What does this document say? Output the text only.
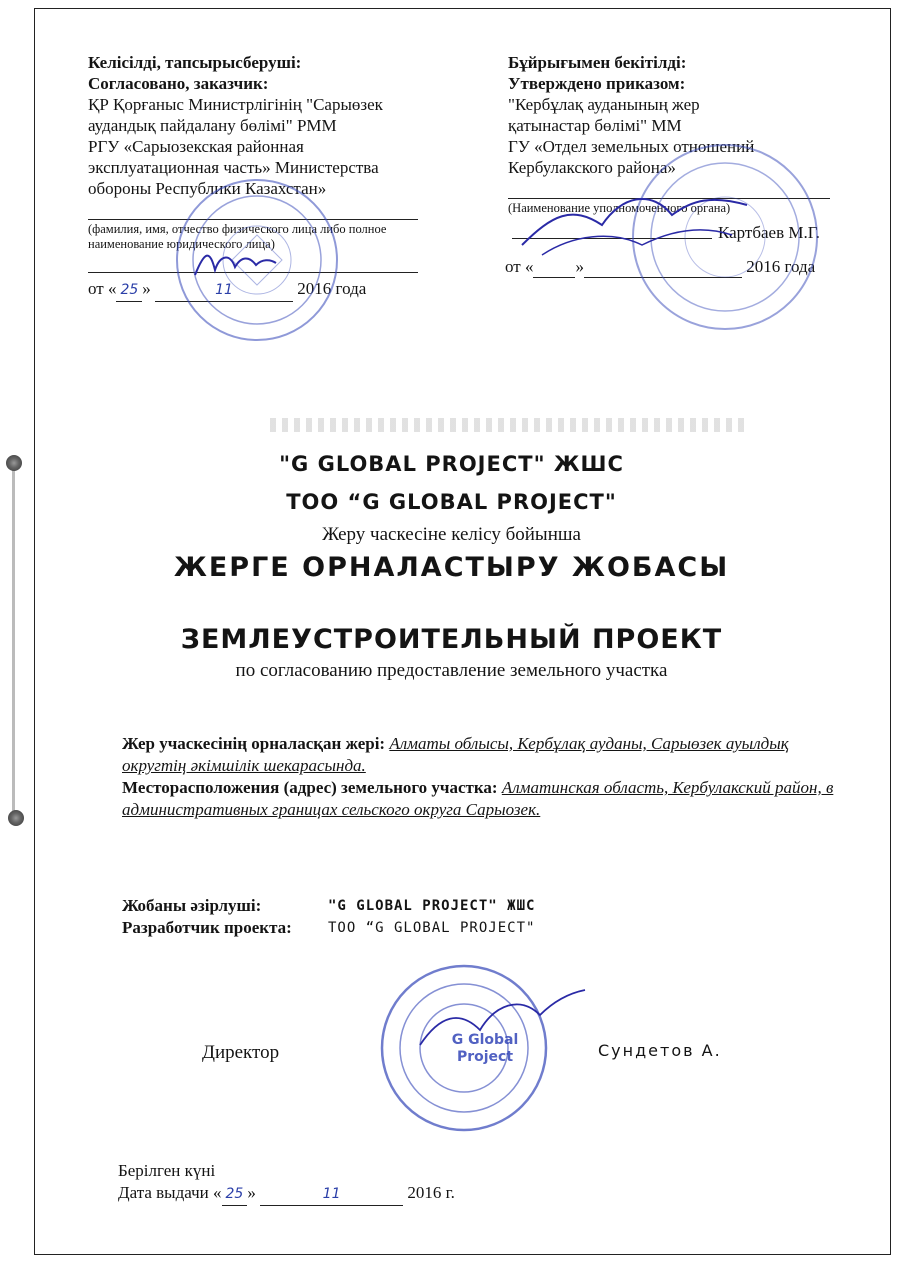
Келісілді, тапсырысберуші:
Согласовано, заказчик:
ҚР Қорғаныс Министрлігінің "Сарыөзек
аудандық пайдалану бөлімі" РММ
РГУ «Сарыозекская районная
эксплуатационная часть» Министерства
обороны Республики Казахстан»
(фамилия, имя, отчество физического лица либо полное
наименование юридического лица)
от « 25 »	11	2016 года
Бұйрығымен бекітілді:
Утверждено приказом:
"Кербұлақ ауданының жер
қатынастар бөлімі" ММ
ГУ «Отдел земельных отношений
Кербулакского района»
(Наименование уполномоченного органа)
Картбаев М.Г.
от « »	2016 года
"G GLOBAL PROJECT" ЖШС
ТОО “G GLOBAL PROJECT"
Жеру часкесіне келісу бойынша
ЖЕРГЕ ОРНАЛАСТЫРУ ЖОБАСЫ
ЗЕМЛЕУСТРОИТЕЛЬНЫЙ ПРОЕКТ
по согласованию предоставление земельного участка
Жер учаскесінің орналасқан жері: Алматы облысы, Кербұлақ ауданы, Сарыөзек ауылдық округтің әкімшілік шекарасында.
Месторасположения (адрес) земельного участка: Алматинская область, Кербулакский район, в административных границах сельского округа Сарыозек.
Жобаны әзірлуші:	"G GLOBAL PROJECT" ЖШС
Разработчик проекта:	ТОО “G GLOBAL PROJECT"
Директор	Сундетов А.
G Global Project
Берілген күні
Дата выдачи « 25 »	11	2016 г.
